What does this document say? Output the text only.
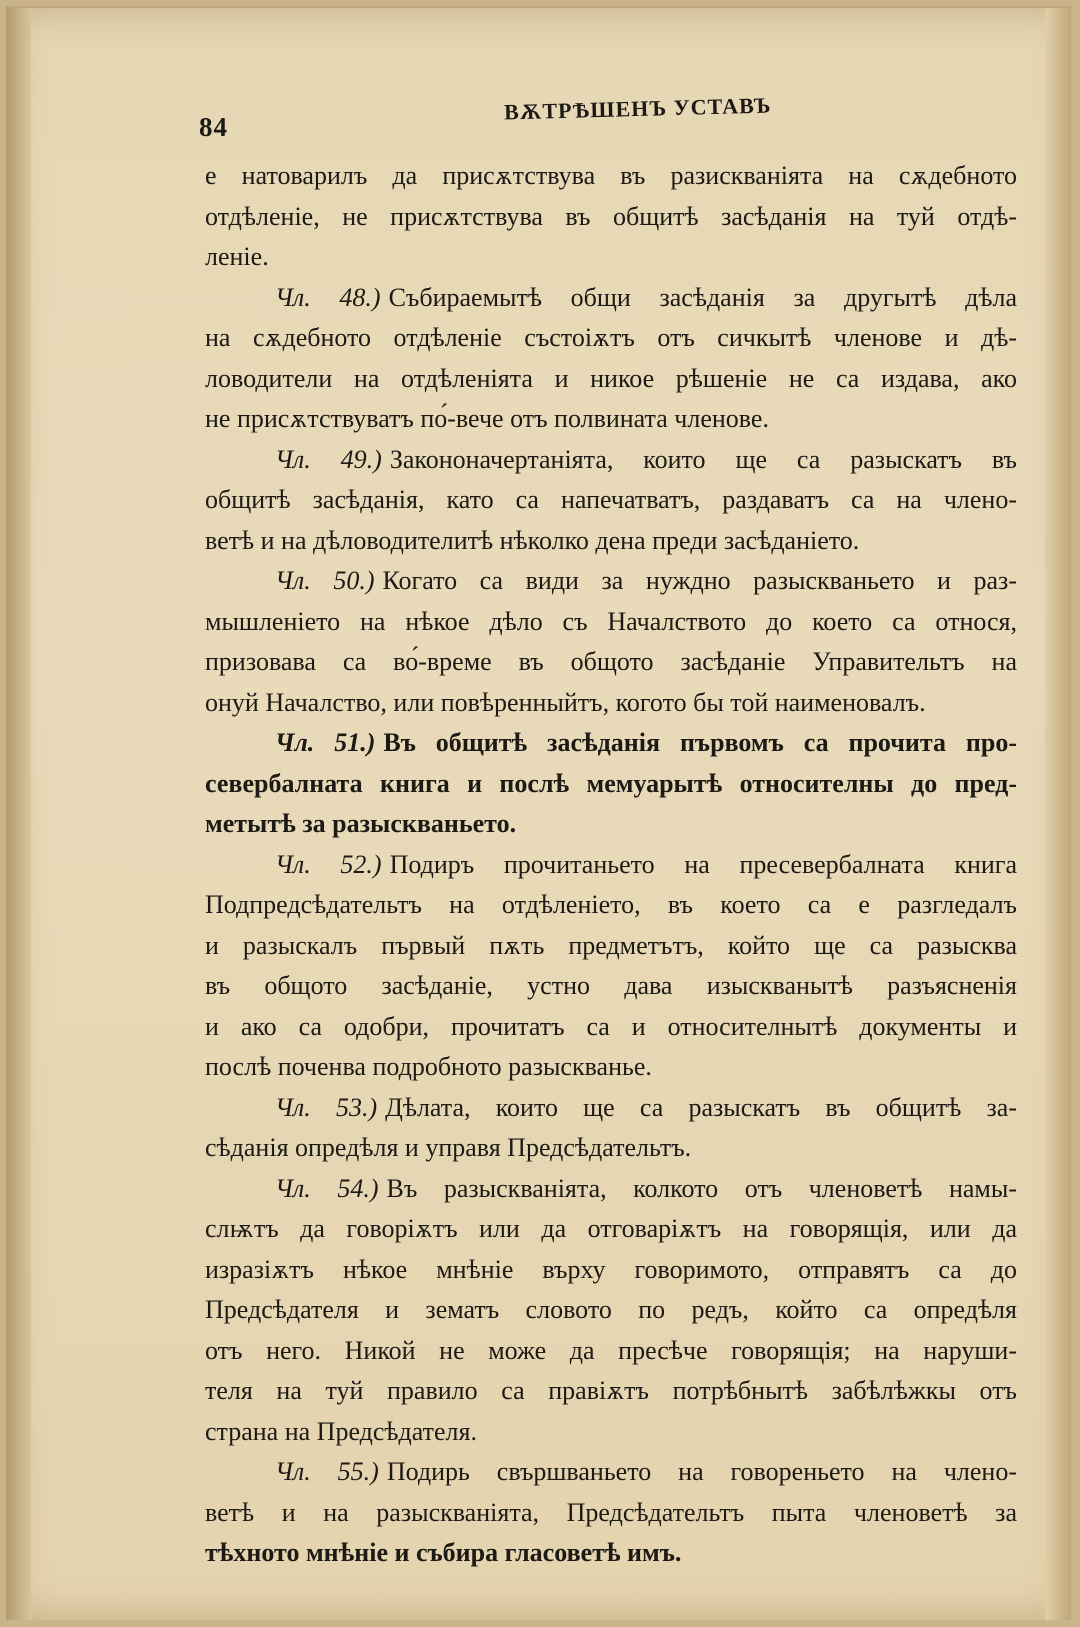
84
ВѪТРѢШЕНЪ УСТАВЪ
е натоварилъ да присѫтствува въ разискваніята на сѫдебното
отдѣленіе, не присѫтствува въ общитѣ засѣданія на туй отдѣ-
леніе.
Чл. 48.) Събираемытѣ общи засѣданія за другытѣ дѣла
на сѫдебното отдѣленіе състоіѫтъ отъ сичкытѣ членове и дѣ-
ловодители на отдѣленіята и никое рѣшеніе не са издава, ако
не присѫтствуватъ по́-вече отъ полвината членове.
Чл. 49.) Закононачертаніята, които ще са разыскатъ въ
общитѣ засѣданія, като са напечатватъ, раздаватъ са на члено-
ветѣ и на дѣловодителитѣ нѣколко дена преди засѣданіето.
Чл. 50.) Когато са види за нуждно разыскваньето и раз-
мышленіето на нѣкое дѣло съ Началството до което са относя,
призовава са во́-време въ общото засѣданіе Управительтъ на
онуй Началство, или повѣренныйтъ, когото бы той наименовалъ.
Чл. 51.) Въ общитѣ засѣданія първомъ са прочита про-
севербалната книга и послѣ мемуарытѣ относителны до пред-
метытѣ за разыскваньето.
Чл. 52.) Подиръ прочитаньето на пресевербалната книга
Подпредсѣдательтъ на отдѣленіето, въ което са е разгледалъ
и разыскалъ първый пѫть предметътъ, който ще са разысква
въ общото засѣданіе, устно дава изыскванытѣ разъясненія
и ако са одобри, прочитатъ са и относителнытѣ документы и
послѣ поченва подробното разыскванье.
Чл. 53.) Дѣлата, които ще са разыскатъ въ общитѣ за-
сѣданія опредѣля и управя Предсѣдательтъ.
Чл. 54.) Въ разыскваніята, колкото отъ членоветѣ намы-
слѭтъ да говоріѫтъ или да отговаріѫтъ на говорящія, или да
изразіѫтъ нѣкое мнѣніе върху говоримото, отправятъ са до
Предсѣдателя и зематъ словото по редъ, който са опредѣля
отъ него. Никой не може да пресѣче говорящія; на наруши-
теля на туй правило са правіѫтъ потрѣбнытѣ забѣлѣжкы отъ
страна на Предсѣдателя.
Чл. 55.) Подирь свършваньето на говореньето на члено-
ветѣ и на разыскваніята, Предсѣдательтъ пыта членоветѣ за
тѣхното мнѣніе и събира гласоветѣ имъ.
